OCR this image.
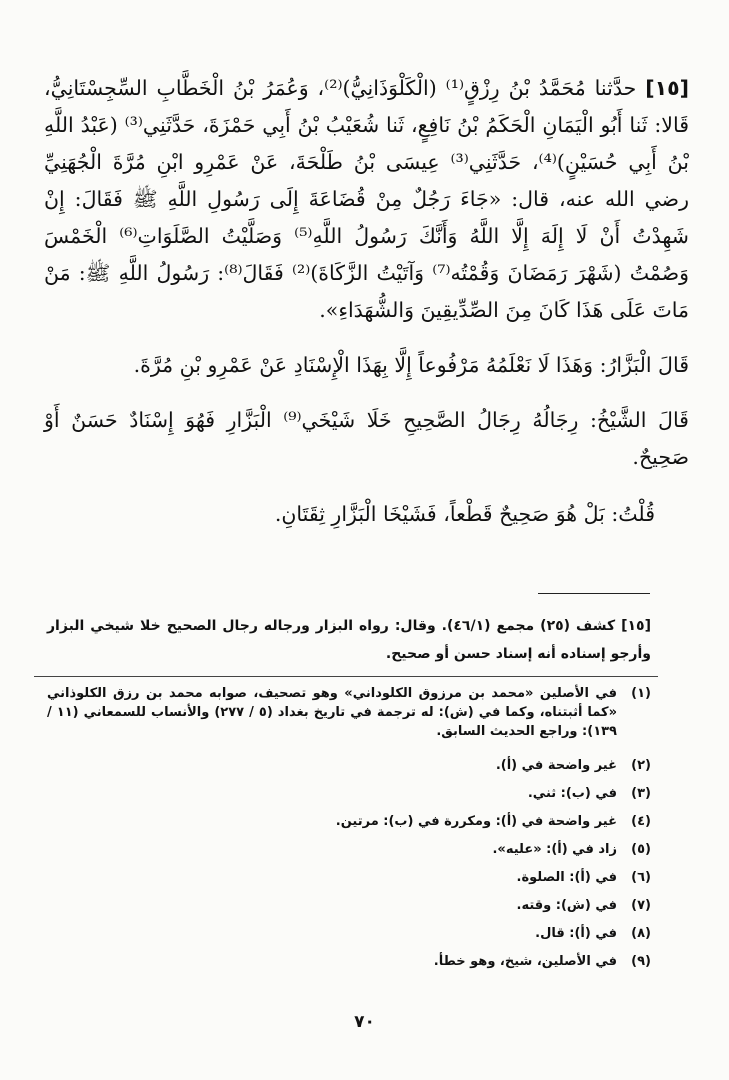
[١٥] حدَّثنا مُحَمَّدُ بْنُ رِزْقٍ⁽¹⁾ (الْكَلْوَذَانِيُّ)⁽²⁾، وَعُمَرُ بْنُ الْخَطَّابِ السِّجِسْتَانِيُّ، قَالا: ثَنا أَبُو الْيَمَانِ الْحَكَمُ بْنُ نَافِعٍ، ثَنا شُعَيْبُ بْنُ أَبِي حَمْزَةَ، حَدَّثَنِي⁽³⁾ (عَبْدُ اللَّهِ بْنُ أَبِي حُسَيْنٍ)⁽⁴⁾، حَدَّثَنِي⁽³⁾ عِيسَى بْنُ طَلْحَةَ، عَنْ عَمْرِو ابْنِ مُرَّةَ الْجُهَنِيِّ رضي الله عنه، قال: «جَاءَ رَجُلٌ مِنْ قُضَاعَةَ إِلَى رَسُولِ اللَّهِ ﷺ فَقَالَ: إِنْ شَهِدْتُ أَنْ لَا إِلَهَ إِلَّا اللَّهُ وَأَنَّكَ رَسُولُ اللَّهِ⁽⁵⁾ وَصَلَّيْتُ الصَّلَوَاتِ⁽⁶⁾ الْخَمْسَ وَصُمْتُ (شَهْرَ رَمَضَانَ وَقُمْتُه⁽⁷⁾ وَآتَيْتُ الزَّكَاةَ)⁽²⁾ فَقَالَ⁽⁸⁾: رَسُولُ اللَّهِ ﷺ: مَنْ مَاتَ عَلَى هَذَا كَانَ مِنَ الصِّدِّيقِينَ وَالشُّهَدَاءِ».

قَالَ الْبَزَّارُ: وَهَذَا لَا نَعْلَمُهُ مَرْفُوعاً إِلَّا بِهَذَا الْإِسْنَادِ عَنْ عَمْرِو بْنِ مُرَّةَ.

قَالَ الشَّيْخُ: رِجَالُهُ رِجَالُ الصَّحِيحِ خَلَا شَيْخَي⁽⁹⁾ الْبَزَّارِ فَهُوَ إِسْنَادٌ حَسَنٌ أَوْ صَحِيحٌ.

قُلْتُ: بَلْ هُوَ صَحِيحٌ قَطْعاً، فَشَيْخَا الْبَزَّارِ ثِقَتَانِ.

[١٥] كشف (٢٥) مجمع (٤٦/١). وقال: رواه البزار ورجاله رجال الصحيح خلا شيخي البزار وأرجو إسناده أنه إسناد حسن أو صحيح.
(١)
في الأصلين «محمد بن مرزوق الكلوداني» وهو تصحيف، صوابه محمد بن رزق الكلوذاني «كما أثبتناه، وكما في (ش): له ترجمة في تاريخ بغداد (٥ / ٢٧٧) والأنساب للسمعاني (١١ / ١٣٩): وراجع الحديث السابق.
(٢)
غير واضحة في (أ).
(٣)
في (ب): ثني.
(٤)
غير واضحة في (أ): ومكررة في (ب): مرتين.
(٥)
زاد في (أ): «عليه».
(٦)
في (أ): الصلوة.
(٧)
في (ش): وقته.
(٨)
في (أ): قال.
(٩)
في الأصلين، شيخ، وهو خطأ.
٧٠
